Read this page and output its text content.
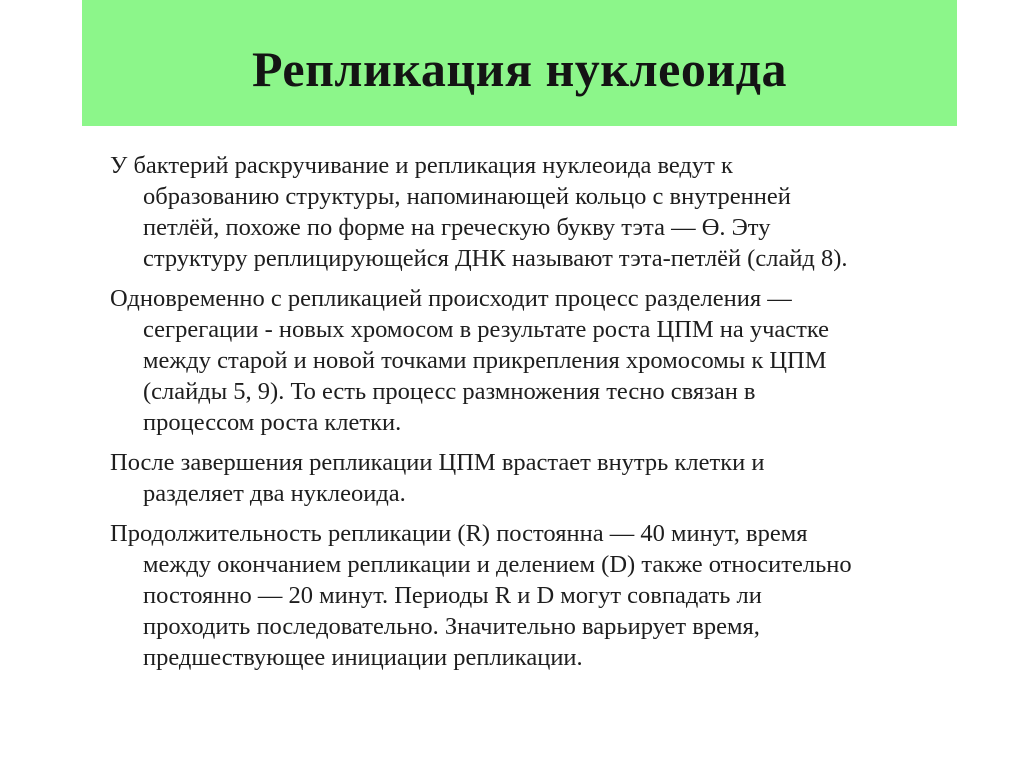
Репликация нуклеоида

У бактерий раскручивание и репликация нуклеоида ведут к
образованию структуры, напоминающей кольцо с внутренней
петлёй, похоже по форме на греческую букву тэта — Ө. Эту
структуру реплицирующейся ДНК называют тэта-петлёй (слайд 8).

Одновременно с репликацией происходит процесс разделения —
сегрегации - новых хромосом в результате роста ЦПМ на участке
между старой и новой точками прикрепления хромосомы к ЦПМ
(слайды 5, 9). То есть процесс размножения тесно связан в
процессом роста клетки.

После завершения репликации ЦПМ врастает внутрь клетки и
разделяет два нуклеоида.

Продолжительность репликации (R) постоянна — 40 минут, время
между окончанием репликации и делением (D) также относительно
постоянно — 20 минут. Периоды R и D могут совпадать ли
проходить последовательно. Значительно варьирует время,
предшествующее инициации репликации.
